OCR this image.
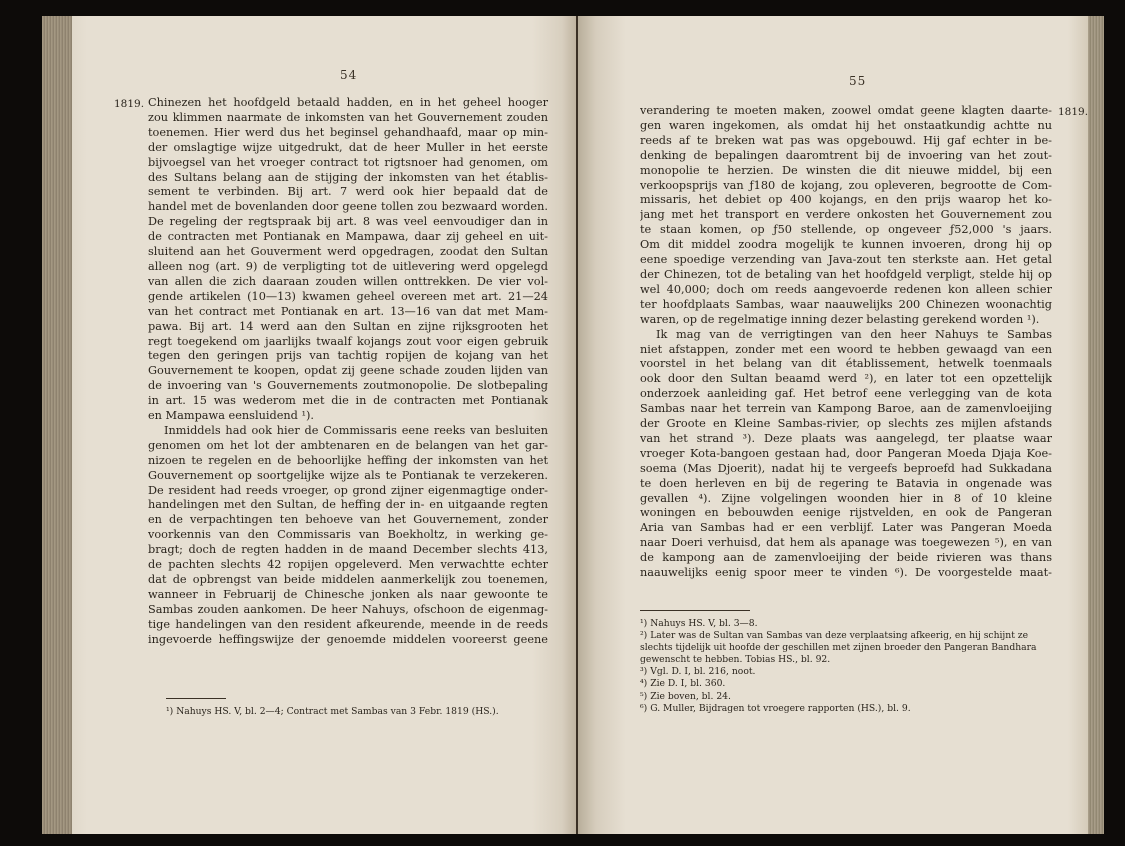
54
1819. Chinezen het hoofdgeld betaald hadden, en in het geheel hooger
zou klimmen naarmate de inkomsten van het Gouvernement zouden
toenemen. Hier werd dus het beginsel gehandhaafd, maar op min-
der omslagtige wijze uitgedrukt, dat de heer Muller in het eerste
bijvoegsel van het vroeger contract tot rigtsnoer had genomen, om
des Sultans belang aan de stijging der inkomsten van het établis-
sement te verbinden. Bij art. 7 werd ook hier bepaald dat de
handel met de bovenlanden door geene tollen zou bezwaard worden.
De regeling der regtspraak bij art. 8 was veel eenvoudiger dan in
de contracten met Pontianak en Mampawa, daar zij geheel en uit-
sluitend aan het Gouverment werd opgedragen, zoodat den Sultan
alleen nog (art. 9) de verpligting tot de uitlevering werd opgelegd
van allen die zich daaraan zouden willen onttrekken. De vier vol-
gende artikelen (10—13) kwamen geheel overeen met art. 21—24
van het contract met Pontianak en art. 13—16 van dat met Mam-
pawa. Bij art. 14 werd aan den Sultan en zijne rijksgrooten het
regt toegekend om jaarlijks twaalf kojangs zout voor eigen gebruik
tegen den geringen prijs van tachtig ropijen de kojang van het
Gouvernement te koopen, opdat zij geene schade zouden lijden van
de invoering van 's Gouvernements zoutmonopolie. De slotbepaling
in art. 15 was wederom met die in de contracten met Pontianak
en Mampawa eensluidend ¹).
Inmiddels had ook hier de Commissaris eene reeks van besluiten
genomen om het lot der ambtenaren en de belangen van het gar-
nizoen te regelen en de behoorlijke heffing der inkomsten van het
Gouvernement op soortgelijke wijze als te Pontianak te verzekeren.
De resident had reeds vroeger, op grond zijner eigenmagtige onder-
handelingen met den Sultan, de heffing der in- en uitgaande regten
en de verpachtingen ten behoeve van het Gouvernement, zonder
voorkennis van den Commissaris van Boekholtz, in werking ge-
bragt; doch de regten hadden in de maand December slechts 413,
de pachten slechts 42 ropijen opgeleverd. Men verwachtte echter
dat de opbrengst van beide middelen aanmerkelijk zou toenemen,
wanneer in Februarij de Chinesche jonken als naar gewoonte te
Sambas zouden aankomen. De heer Nahuys, ofschoon de eigenmag-
tige handelingen van den resident afkeurende, meende in de reeds
ingevoerde heffingswijze der genoemde middelen vooreerst geene
¹) Nahuys HS. V, bl. 2—4; Contract met Sambas van 3 Febr. 1819 (HS.).
55
1819.
verandering te moeten maken, zoowel omdat geene klagten daarte-
gen waren ingekomen, als omdat hij het onstaatkundig achtte nu
reeds af te breken wat pas was opgebouwd. Hij gaf echter in be-
denking de bepalingen daaromtrent bij de invoering van het zout-
monopolie te herzien. De winsten die dit nieuwe middel, bij een
verkoopsprijs van ƒ180 de kojang, zou opleveren, begrootte de Com-
missaris, het debiet op 400 kojangs, en den prijs waarop het ko-
jang met het transport en verdere onkosten het Gouvernement zou
te staan komen, op ƒ50 stellende, op ongeveer ƒ52,000 's jaars.
Om dit middel zoodra mogelijk te kunnen invoeren, drong hij op
eene spoedige verzending van Java-zout ten sterkste aan. Het getal
der Chinezen, tot de betaling van het hoofdgeld verpligt, stelde hij op
wel 40,000; doch om reeds aangevoerde redenen kon alleen schier
ter hoofdplaats Sambas, waar naauwelijks 200 Chinezen woonachtig
waren, op de regelmatige inning dezer belasting gerekend worden ¹).
Ik mag van de verrigtingen van den heer Nahuys te Sambas
niet afstappen, zonder met een woord te hebben gewaagd van een
voorstel in het belang van dit établissement, hetwelk toenmaals
ook door den Sultan beaamd werd ²), en later tot een opzettelijk
onderzoek aanleiding gaf. Het betrof eene verlegging van de kota
Sambas naar het terrein van Kampong Baroe, aan de zamenvloeijing
der Groote en Kleine Sambas-rivier, op slechts zes mijlen afstands
van het strand ³). Deze plaats was aangelegd, ter plaatse waar
vroeger Kota-bangoen gestaan had, door Pangeran Moeda Djaja Koe-
soema (Mas Djoerit), nadat hij te vergeefs beproefd had Sukkadana
te doen herleven en bij de regering te Batavia in ongenade was
gevallen ⁴). Zijne volgelingen woonden hier in 8 of 10 kleine
woningen en bebouwden eenige rijstvelden, en ook de Pangeran
Aria van Sambas had er een verblijf. Later was Pangeran Moeda
naar Doeri verhuisd, dat hem als apanage was toegewezen ⁵), en van
de kampong aan de zamenvloeijing der beide rivieren was thans
naauwelijks eenig spoor meer te vinden ⁶). De voorgestelde maat-
¹) Nahuys HS. V, bl. 3—8.
²) Later was de Sultan van Sambas van deze verplaatsing afkeerig, en hij schijnt ze slechts tijdelijk uit hoofde der geschillen met zijnen broeder den Pangeran Bandhara gewenscht te hebben. Tobias HS., bl. 92.
³) Vgl. D. I, bl. 216, noot.
⁴) Zie D. I, bl. 360.
⁵) Zie boven, bl. 24.
⁶) G. Muller, Bijdragen tot vroegere rapporten (HS.), bl. 9.
